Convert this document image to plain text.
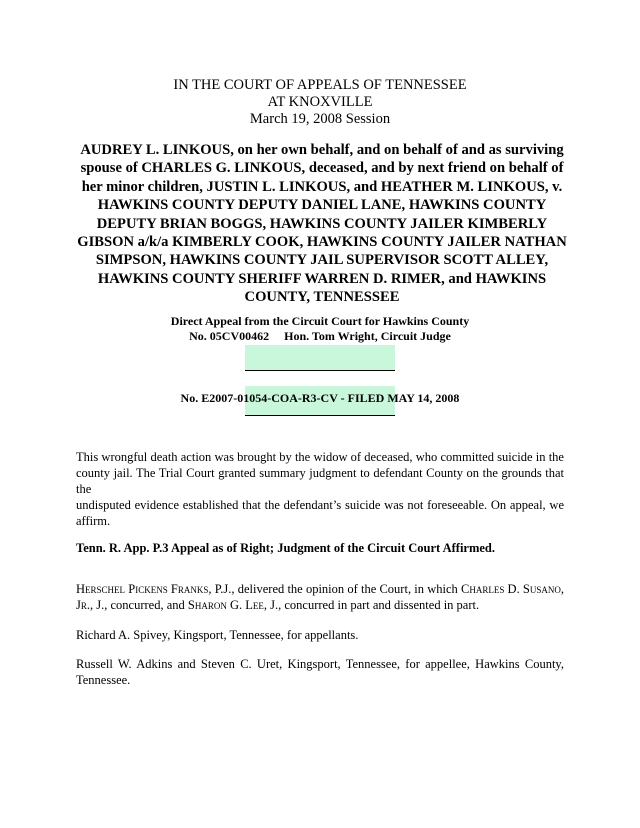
IN THE COURT OF APPEALS OF TENNESSEE
AT KNOXVILLE
March 19, 2008 Session
AUDREY L. LINKOUS, on her own behalf, and on behalf of and as surviving spouse of CHARLES G. LINKOUS, deceased, and by next friend on behalf of her minor children, JUSTIN L. LINKOUS, and HEATHER M. LINKOUS, v. HAWKINS COUNTY DEPUTY DANIEL LANE, HAWKINS COUNTY DEPUTY BRIAN BOGGS, HAWKINS COUNTY JAILER KIMBERLY GIBSON a/k/a KIMBERLY COOK, HAWKINS COUNTY JAILER NATHAN SIMPSON, HAWKINS COUNTY JAIL SUPERVISOR SCOTT ALLEY, HAWKINS COUNTY SHERIFF WARREN D. RIMER, and HAWKINS COUNTY, TENNESSEE
Direct Appeal from the Circuit Court for Hawkins County
No. 05CV00462 Hon. Tom Wright, Circuit Judge
No. E2007-01054-COA-R3-CV - FILED MAY 14, 2008
This wrongful death action was brought by the widow of deceased, who committed suicide in the
county jail. The Trial Court granted summary judgment to defendant County on the grounds that the
undisputed evidence established that the defendant’s suicide was not foreseeable. On appeal, we
affirm.
Tenn. R. App. P.3 Appeal as of Right; Judgment of the Circuit Court Affirmed.
Herschel Pickens Franks, P.J., delivered the opinion of the Court, in which Charles D. Susano, Jr., J., concurred, and Sharon G. Lee, J., concurred in part and dissented in part.
Richard A. Spivey, Kingsport, Tennessee, for appellants.
Russell W. Adkins and Steven C. Uret, Kingsport, Tennessee, for appellee, Hawkins County,
Tennessee.
